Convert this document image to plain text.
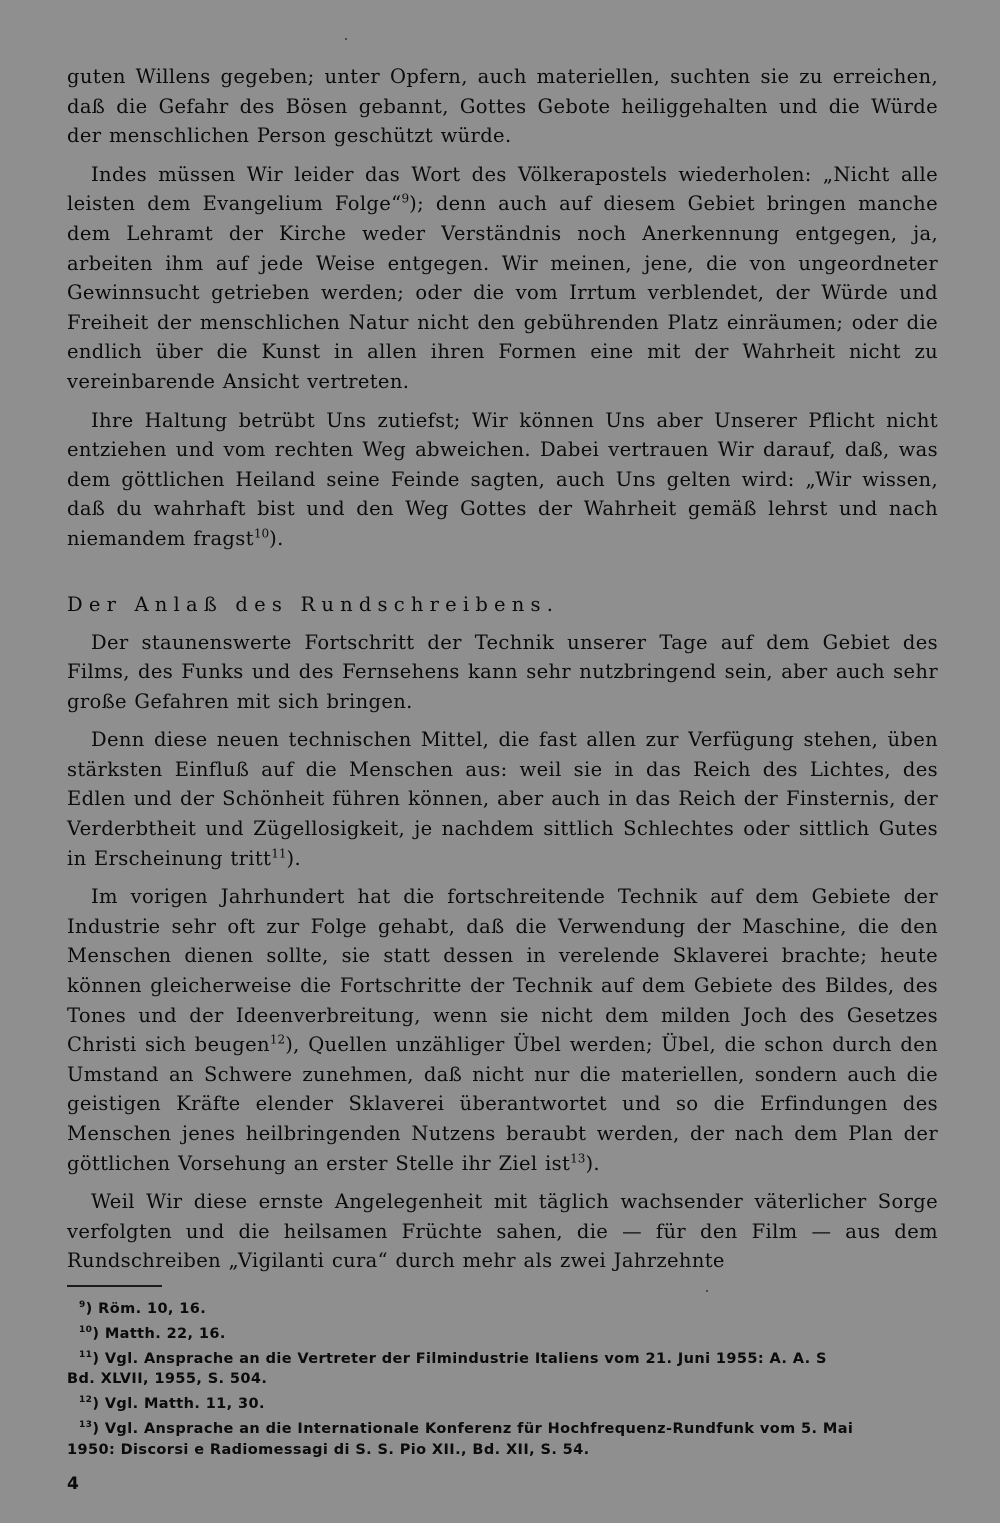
guten Willens gegeben; unter Opfern, auch materiellen, suchten sie zu erreichen, daß die Gefahr des Bösen gebannt, Gottes Gebote heiliggehalten und die Würde der menschlichen Person geschützt würde.

Indes müssen Wir leider das Wort des Völkerapostels wiederholen: „Nicht alle leisten dem Evangelium Folge“$^9$); denn auch auf diesem Gebiet bringen manche dem Lehramt der Kirche weder Verständnis noch Anerkennung entgegen, ja, arbeiten ihm auf jede Weise entgegen. Wir meinen, jene, die von ungeordneter Gewinnsucht getrieben werden; oder die vom Irrtum verblendet, der Würde und Freiheit der menschlichen Natur nicht den gebührenden Platz einräumen; oder die endlich über die Kunst in allen ihren Formen eine mit der Wahrheit nicht zu vereinbarende Ansicht vertreten.

Ihre Haltung betrübt Uns zutiefst; Wir können Uns aber Unserer Pflicht nicht entziehen und vom rechten Weg abweichen. Dabei vertrauen Wir darauf, daß, was dem göttlichen Heiland seine Feinde sagten, auch Uns gelten wird: „Wir wissen, daß du wahrhaft bist und den Weg Gottes der Wahrheit gemäß lehrst und nach niemandem fragst$^{10}$).

Der Anlaß des Rundschreibens.

Der staunenswerte Fortschritt der Technik unserer Tage auf dem Gebiet des Films, des Funks und des Fernsehens kann sehr nutzbringend sein, aber auch sehr große Gefahren mit sich bringen.

Denn diese neuen technischen Mittel, die fast allen zur Verfügung stehen, üben stärksten Einfluß auf die Menschen aus: weil sie in das Reich des Lichtes, des Edlen und der Schönheit führen können, aber auch in das Reich der Finsternis, der Verderbtheit und Zügellosigkeit, je nachdem sittlich Schlechtes oder sittlich Gutes in Erscheinung tritt$^{11}$).

Im vorigen Jahrhundert hat die fortschreitende Technik auf dem Gebiete der Industrie sehr oft zur Folge gehabt, daß die Verwendung der Maschine, die den Menschen dienen sollte, sie statt dessen in verelende Sklaverei brachte; heute können gleicherweise die Fortschritte der Technik auf dem Gebiete des Bildes, des Tones und der Ideenverbreitung, wenn sie nicht dem milden Joch des Gesetzes Christi sich beugen$^{12}$), Quellen unzähliger Übel werden; Übel, die schon durch den Umstand an Schwere zunehmen, daß nicht nur die materiellen, sondern auch die geistigen Kräfte elender Sklaverei überantwortet und so die Erfindungen des Menschen jenes heilbringenden Nutzens beraubt werden, der nach dem Plan der göttlichen Vorsehung an erster Stelle ihr Ziel ist$^{13}$).

Weil Wir diese ernste Angelegenheit mit täglich wachsender väterlicher Sorge verfolgten und die heilsamen Früchte sahen, die — für den Film — aus dem Rundschreiben „Vigilanti cura“ durch mehr als zwei Jahrzehnte

$^9$) Röm. 10, 16.

$^{10}$) Matth. 22, 16.

$^{11}$) Vgl. Ansprache an die Vertreter der Filmindustrie Italiens vom 21. Juni 1955: A. A. S
Bd. XLVII, 1955, S. 504.

$^{12}$) Vgl. Matth. 11, 30.

$^{13}$) Vgl. Ansprache an die Internationale Konferenz für Hochfrequenz-Rundfunk vom 5. Mai
1950: Discorsi e Radiomessagi di S. S. Pio XII., Bd. XII, S. 54.

4
